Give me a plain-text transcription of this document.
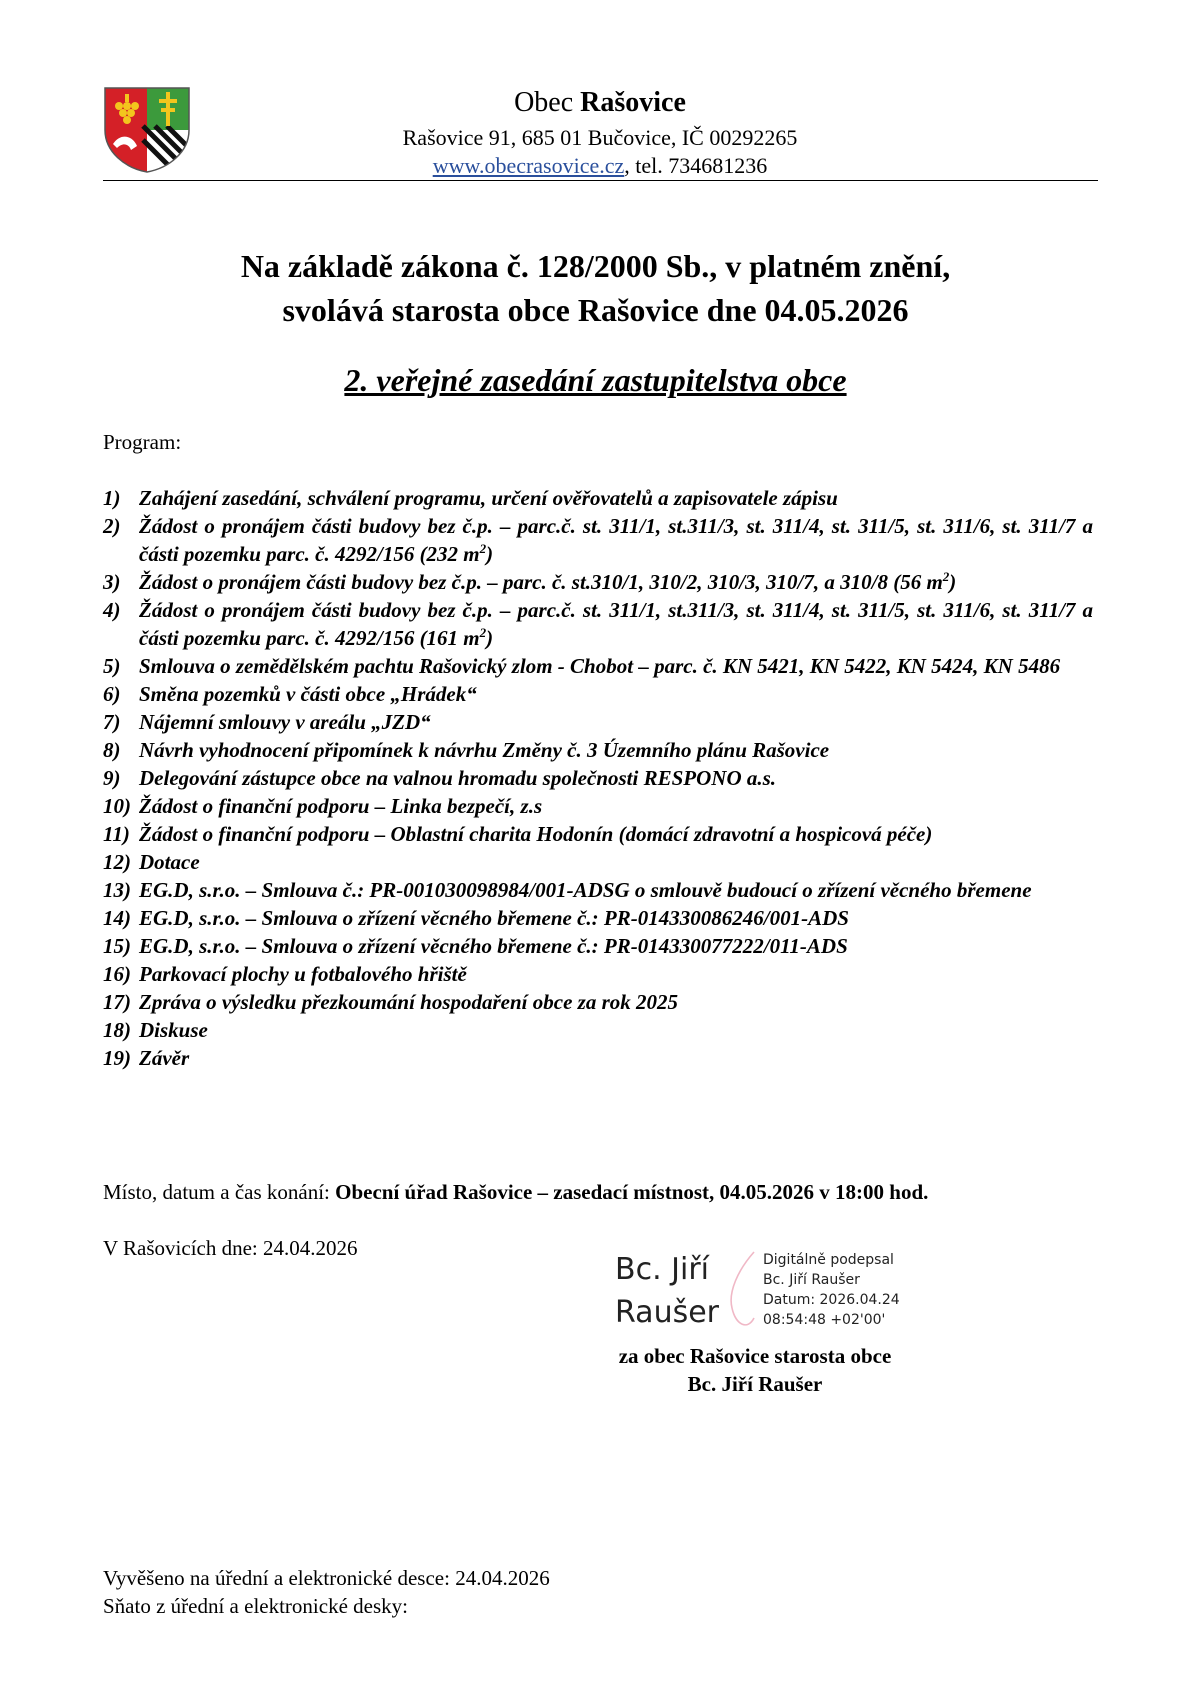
Obec Rašovice
Rašovice 91, 685 01 Bučovice, IČ 00292265
www.obecrasovice.cz, tel. 734681236
Na základě zákona č. 128/2000 Sb., v platném znění,
svolává starosta obce Rašovice dne 04.05.2026
2. veřejné zasedání zastupitelstva obce
Program:
1) Zahájení zasedání, schválení programu, určení ověřovatelů a zapisovatele zápisu
2) Žádost o pronájem části budovy bez č.p. – parc.č. st. 311/1, st.311/3, st. 311/4, st. 311/5, st. 311/6, st. 311/7 a části pozemku parc. č. 4292/156 (232 $m^2$)
3) Žádost o pronájem části budovy bez č.p. – parc. č. st.310/1, 310/2, 310/3, 310/7, a 310/8 (56 $m^2$)
4) Žádost o pronájem části budovy bez č.p. – parc.č. st. 311/1, st.311/3, st. 311/4, st. 311/5, st. 311/6, st. 311/7 a části pozemku parc. č. 4292/156 (161 $m^2$)
5) Smlouva o zemědělském pachtu Rašovický zlom - Chobot – parc. č. KN 5421, KN 5422, KN 5424, KN 5486
6) Směna pozemků v části obce „Hrádek“
7) Nájemní smlouvy v areálu „JZD“
8) Návrh vyhodnocení připomínek k návrhu Změny č. 3 Územního plánu Rašovice
9) Delegování zástupce obce na valnou hromadu společnosti RESPONO a.s.
10) Žádost o finanční podporu – Linka bezpečí, z.s
11) Žádost o finanční podporu – Oblastní charita Hodonín (domácí zdravotní a hospicová péče)
12) Dotace
13) EG.D, s.r.o. – Smlouva č.: PR-001030098984/001-ADSG o smlouvě budoucí o zřízení věcného břemene
14) EG.D, s.r.o. – Smlouva o zřízení věcného břemene č.: PR-014330086246/001-ADS
15) EG.D, s.r.o. – Smlouva o zřízení věcného břemene č.: PR-014330077222/011-ADS
16) Parkovací plochy u fotbalového hřiště
17) Zpráva o výsledku přezkoumání hospodaření obce za rok 2025
18) Diskuse
19) Závěr
Místo, datum a čas konání: Obecní úřad Rašovice – zasedací místnost, 04.05.2026 v 18:00 hod.
V Rašovicích dne: 24.04.2026
Bc. Jiří
Raušer
Digitálně podepsal
Bc. Jiří Raušer
Datum: 2026.04.24
08:54:48 +02'00'
za obec Rašovice starosta obce
Bc. Jiří Raušer
Vyvěšeno na úřední a elektronické desce: 24.04.2026
Sňato z úřední a elektronické desky:
